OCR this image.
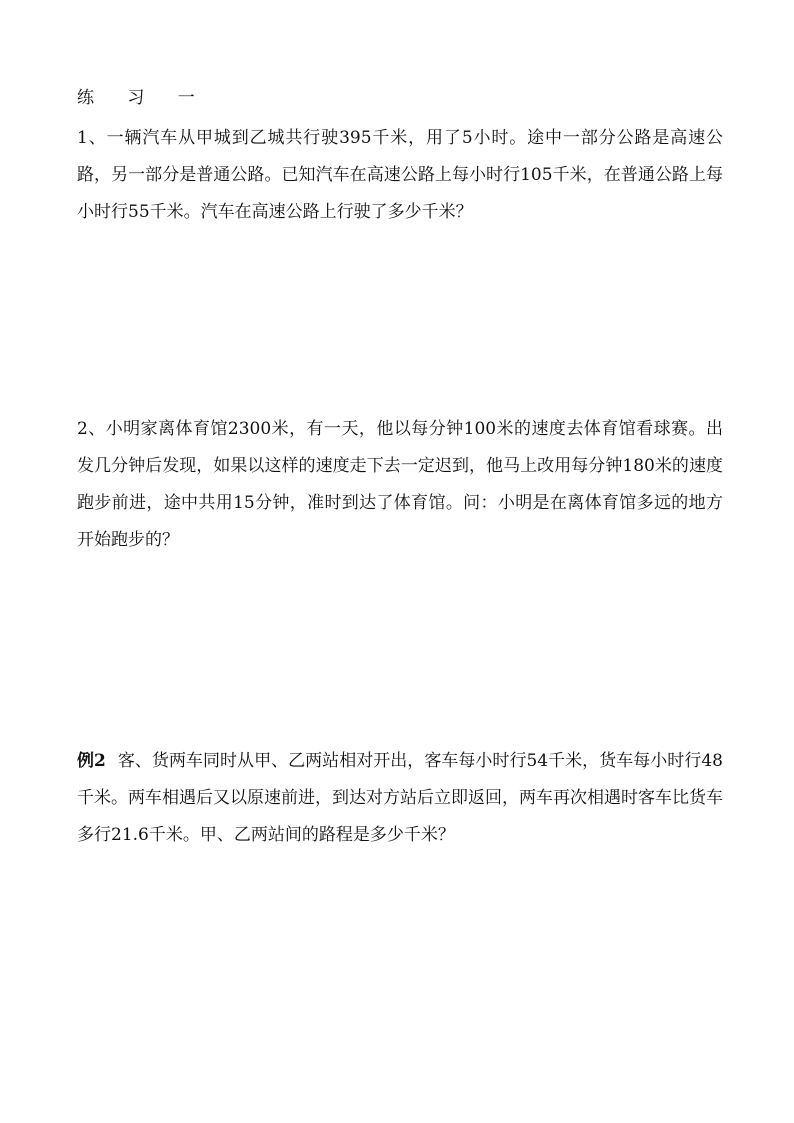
练 习 一
1、一辆汽车从甲城到乙城共行驶395千米，用了5小时。途中一部分公路是高速公路，另一部分是普通公路。已知汽车在高速公路上每小时行105千米，在普通公路上每小时行55千米。汽车在高速公路上行驶了多少千米？
2、小明家离体育馆2300米，有一天，他以每分钟100米的速度去体育馆看球赛。出发几分钟后发现，如果以这样的速度走下去一定迟到，他马上改用每分钟180米的速度跑步前进，途中共用15分钟，准时到达了体育馆。问：小明是在离体育馆多远的地方开始跑步的？
例2 客、货两车同时从甲、乙两站相对开出，客车每小时行54千米，货车每小时行48千米。两车相遇后又以原速前进，到达对方站后立即返回，两车再次相遇时客车比货车多行21.6千米。甲、乙两站间的路程是多少千米？
